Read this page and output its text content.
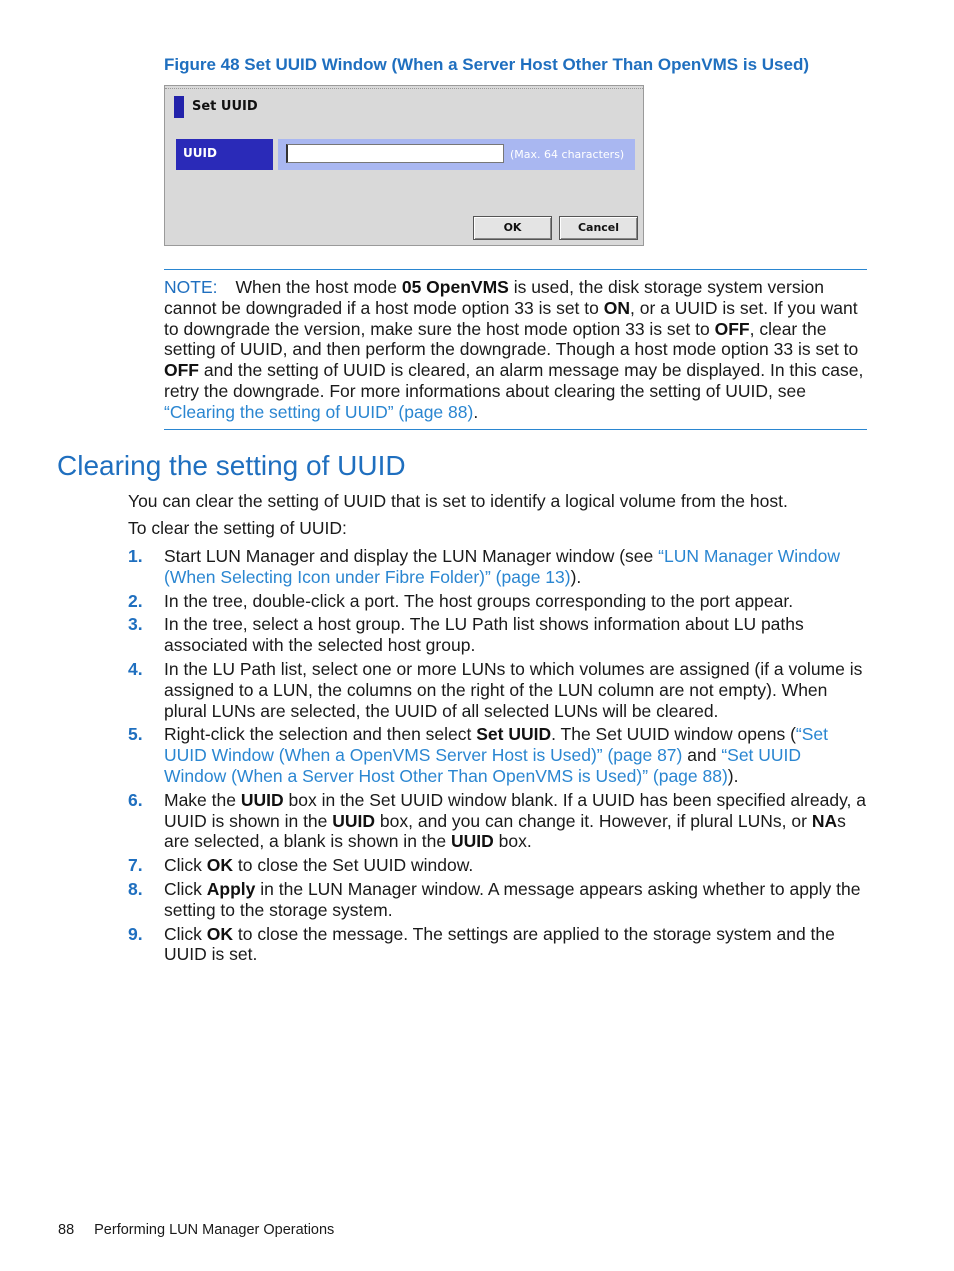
Figure 48 Set UUID Window (When a Server Host Other Than OpenVMS is Used)
Set UUID
UUID	(Max. 64 characters)
OK	Cancel
NOTE: When the host mode 05 OpenVMS is used, the disk storage system version cannot be downgraded if a host mode option 33 is set to ON, or a UUID is set. If you want to downgrade the version, make sure the host mode option 33 is set to OFF, clear the setting of UUID, and then perform the downgrade. Though a host mode option 33 is set to OFF and the setting of UUID is cleared, an alarm message may be displayed. In this case, retry the downgrade. For more informations about clearing the setting of UUID, see “Clearing the setting of UUID” (page 88).
Clearing the setting of UUID

You can clear the setting of UUID that is set to identify a logical volume from the host.

To clear the setting of UUID:

1. Start LUN Manager and display the LUN Manager window (see “LUN Manager Window (When Selecting Icon under Fibre Folder)” (page 13)).
2. In the tree, double-click a port. The host groups corresponding to the port appear.
3. In the tree, select a host group. The LU Path list shows information about LU paths associated with the selected host group.
4. In the LU Path list, select one or more LUNs to which volumes are assigned (if a volume is assigned to a LUN, the columns on the right of the LUN column are not empty). When plural LUNs are selected, the UUID of all selected LUNs will be cleared.
5. Right-click the selection and then select Set UUID. The Set UUID window opens (“Set UUID Window (When a OpenVMS Server Host is Used)” (page 87) and “Set UUID Window (When a Server Host Other Than OpenVMS is Used)” (page 88)).
6. Make the UUID box in the Set UUID window blank. If a UUID has been specified already, a UUID is shown in the UUID box, and you can change it. However, if plural LUNs, or NAs are selected, a blank is shown in the UUID box.
7. Click OK to close the Set UUID window.
8. Click Apply in the LUN Manager window. A message appears asking whether to apply the setting to the storage system.
9. Click OK to close the message. The settings are applied to the storage system and the UUID is set.
88 Performing LUN Manager Operations
